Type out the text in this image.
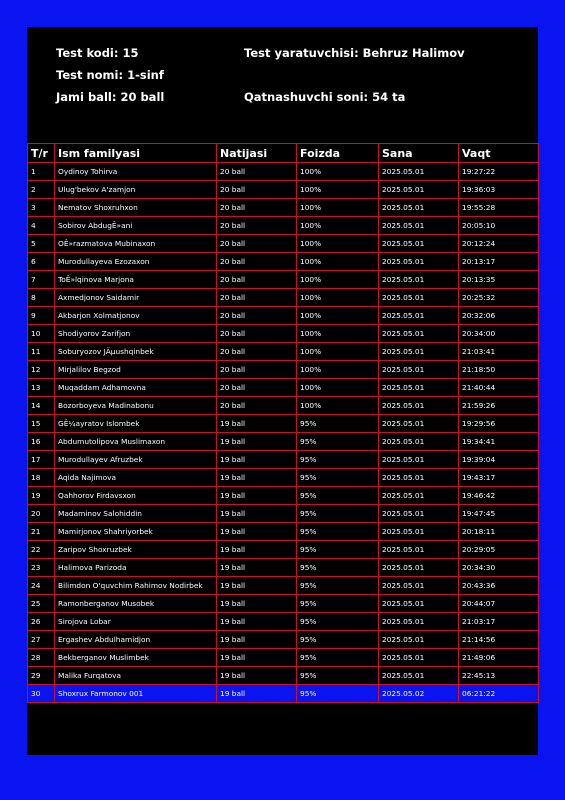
Test kodi: 15	Test yaratuvchisi: Behruz Halimov
Test nomi: 1-sinf
Jami ball: 20 ball	Qatnashuvchi soni: 54 ta
T/r	Ism familyasi	Natijasi	Foizda	Sana	Vaqt
1	Oydinoy Tohirva	20 ball	100%	2025.05.01	19:27:22
2	Ulug'bekov A'zamjon	20 ball	100%	2025.05.01	19:36:03
3	Nematov Shoxruhxon	20 ball	100%	2025.05.01	19:55:28
4	Sobirov AbdugÊ»ani	20 ball	100%	2025.05.01	20:05:10
5	OÊ»razmatova Mubinaxon	20 ball	100%	2025.05.01	20:12:24
6	Murodullayeva Ezozaxon	20 ball	100%	2025.05.01	20:13:17
7	ToÊ»lqinova Marjona	20 ball	100%	2025.05.01	20:13:35
8	Axmedjonov Saidamir	20 ball	100%	2025.05.01	20:25:32
9	Akbarjon Xolmatjonov	20 ball	100%	2025.05.01	20:32:06
10	Shodiyorov Zarifjon	20 ball	100%	2025.05.01	20:34:00
11	Soburyozov JÄµushqinbek	20 ball	100%	2025.05.01	21:03:41
12	Mirjalilov Begzod	20 ball	100%	2025.05.01	21:18:50
13	Muqaddam Adhamovna	20 ball	100%	2025.05.01	21:40:44
14	Bozorboyeva Madinabonu	20 ball	100%	2025.05.01	21:59:26
15	GÊ¼ayratov Islombek	19 ball	95%	2025.05.01	19:29:56
16	Abdumutolipova Muslimaxon	19 ball	95%	2025.05.01	19:34:41
17	Murodullayev Afruzbek	19 ball	95%	2025.05.01	19:39:04
18	Aqida Najimova	19 ball	95%	2025.05.01	19:43:17
19	Qahhorov Firdavsxon	19 ball	95%	2025.05.01	19:46:42
20	Madaminov Salohiddin	19 ball	95%	2025.05.01	19:47:45
21	Mamirjonov Shahriyorbek	19 ball	95%	2025.05.01	20:18:11
22	Zaripov Shoxruzbek	19 ball	95%	2025.05.01	20:29:05
23	Halimova Parizoda	19 ball	95%	2025.05.01	20:34:30
24	Bilimdon O'quvchim Rahimov Nodirbek	19 ball	95%	2025.05.01	20:43:36
25	Ramonberganov Musobek	19 ball	95%	2025.05.01	20:44:07
26	Sirojova Lobar	19 ball	95%	2025.05.01	21:03:17
27	Ergashev Abdulhamidjon	19 ball	95%	2025.05.01	21:14:56
28	Bekberganov Muslimbek	19 ball	95%	2025.05.01	21:49:06
29	Malika Furqatova	19 ball	95%	2025.05.01	22:45:13
30	Shoxrux Farmonov 001	19 ball	95%	2025.05.02	06:21:22
